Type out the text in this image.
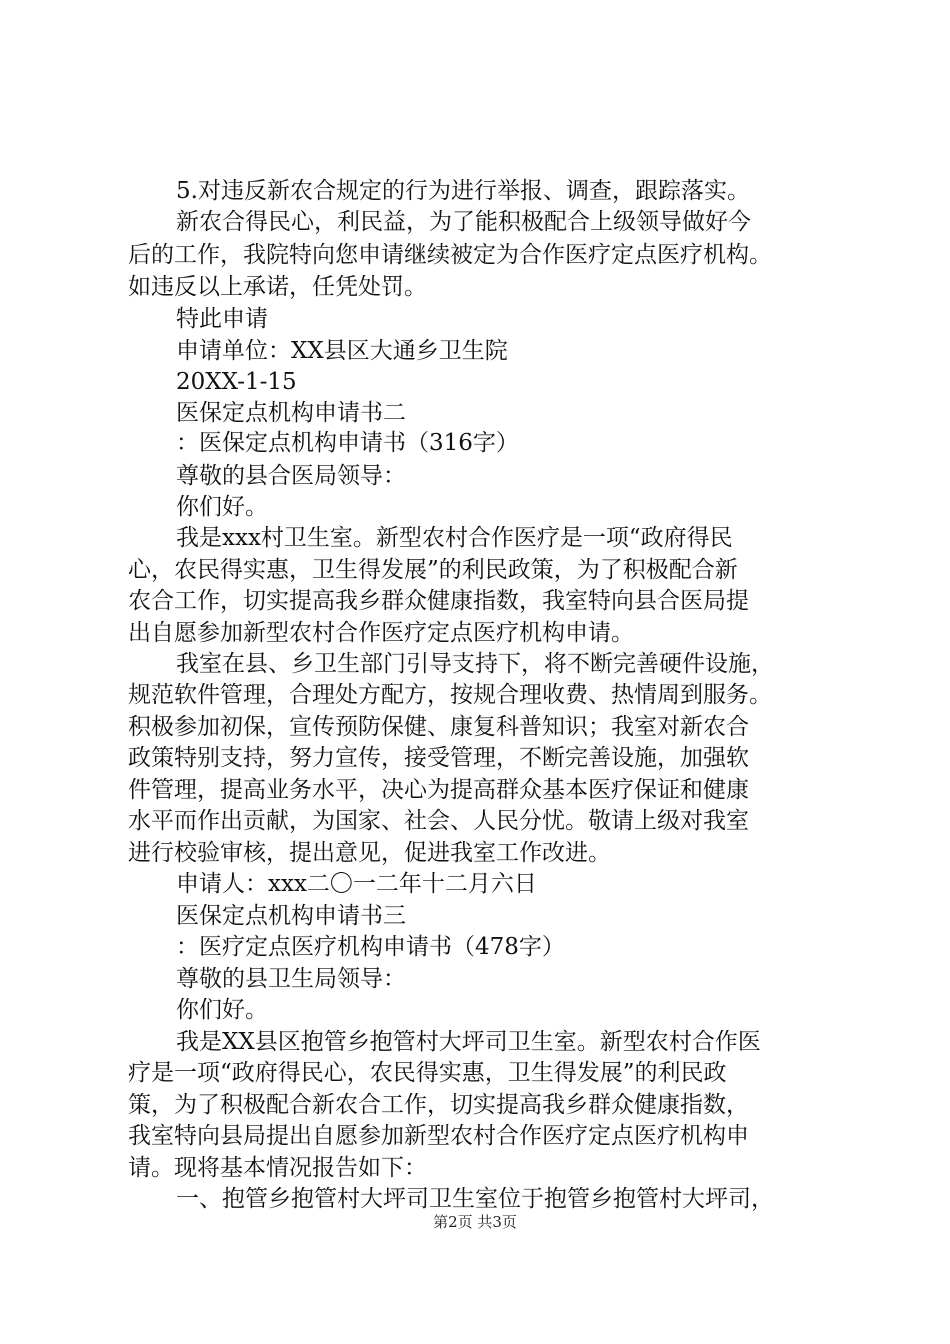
5.对违反新农合规定的行为进行举报、调查，跟踪落实。
新农合得民心，利民益，为了能积极配合上级领导做好今
后的工作，我院特向您申请继续被定为合作医疗定点医疗机构。
如违反以上承诺，任凭处罚。
特此申请
申请单位：XX县区大通乡卫生院
20XX-1-15
医保定点机构申请书二
：医保定点机构申请书（316字）
尊敬的县合医局领导：
你们好。
我是xxx村卫生室。新型农村合作医疗是一项“政府得民
心，农民得实惠，卫生得发展”的利民政策，为了积极配合新
农合工作，切实提高我乡群众健康指数，我室特向县合医局提
出自愿参加新型农村合作医疗定点医疗机构申请。
我室在县、乡卫生部门引导支持下，将不断完善硬件设施，
规范软件管理，合理处方配方，按规合理收费、热情周到服务。
积极参加初保，宣传预防保健、康复科普知识；我室对新农合
政策特别支持，努力宣传，接受管理，不断完善设施，加强软
件管理，提高业务水平，决心为提高群众基本医疗保证和健康
水平而作出贡献，为国家、社会、人民分忧。敬请上级对我室
进行校验审核，提出意见，促进我室工作改进。
申请人：xxx二〇一二年十二月六日
医保定点机构申请书三
：医疗定点医疗机构申请书（478字）
尊敬的县卫生局领导：
你们好。
我是XX县区抱管乡抱管村大坪司卫生室。新型农村合作医
疗是一项“政府得民心，农民得实惠，卫生得发展”的利民政
策，为了积极配合新农合工作，切实提高我乡群众健康指数，
我室特向县局提出自愿参加新型农村合作医疗定点医疗机构申
请。现将基本情况报告如下：
一、抱管乡抱管村大坪司卫生室位于抱管乡抱管村大坪司，
第2页 共3页
